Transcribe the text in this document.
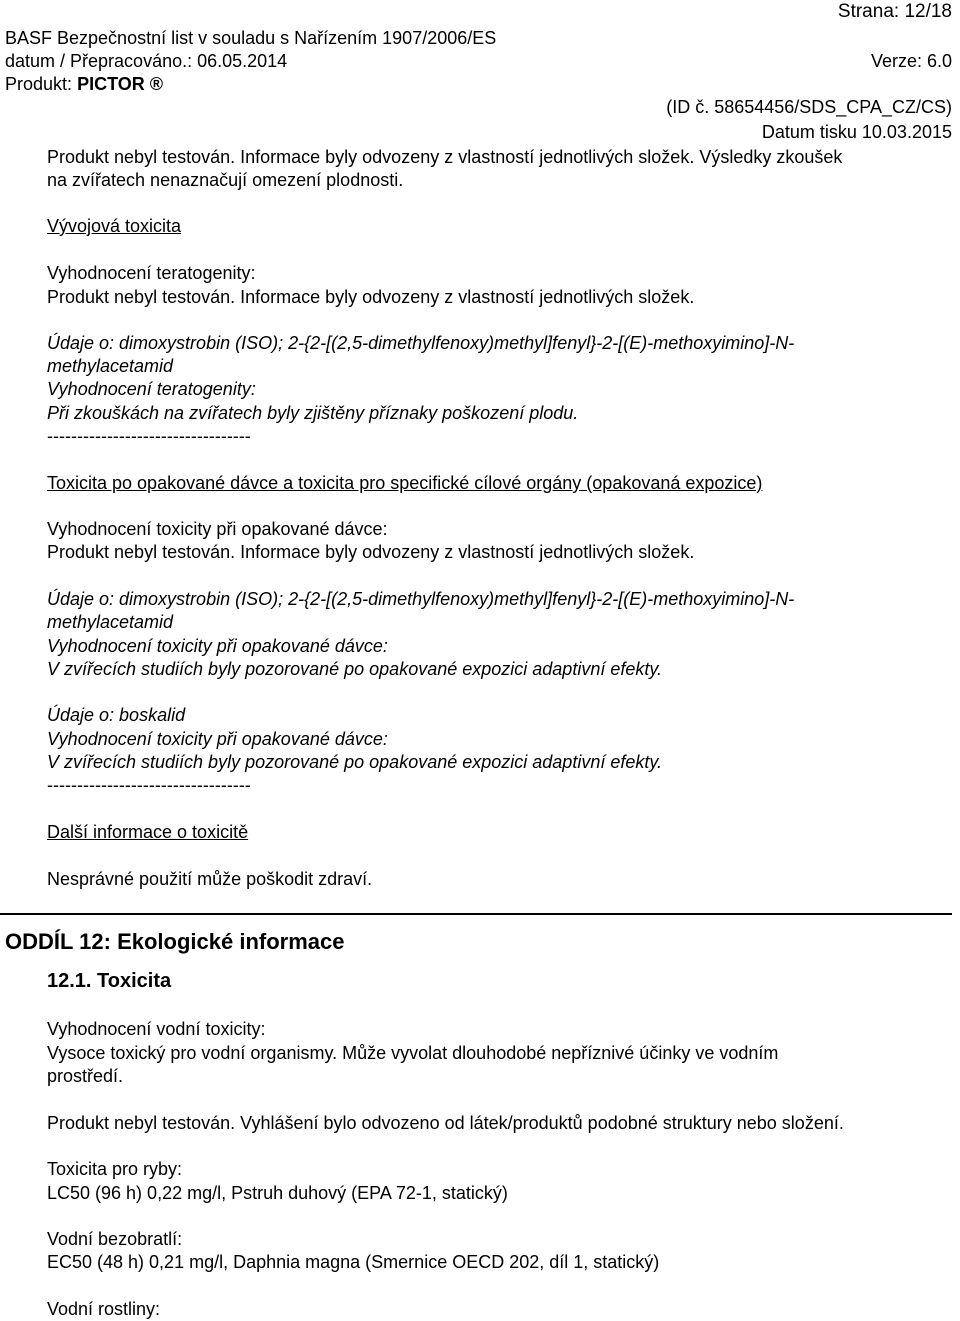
Strana: 12/18
BASF Bezpečnostní list v souladu s Nařízením 1907/2006/ES
datum / Přepracováno.: 06.05.2014	Verze: 6.0
Produkt: PICTOR ®
(ID č. 58654456/SDS_CPA_CZ/CS)
Datum tisku 10.03.2015
Produkt nebyl testován. Informace byly odvozeny z vlastností jednotlivých složek. Výsledky zkoušek
na zvířatech nenaznačují omezení plodnosti.
Vývojová toxicita
Vyhodnocení teratogenity:
Produkt nebyl testován. Informace byly odvozeny z vlastností jednotlivých složek.
Údaje o: dimoxystrobin (ISO); 2-{2-[(2,5-dimethylfenoxy)methyl]fenyl}-2-[(E)-methoxyimino]-N-
methylacetamid
Vyhodnocení teratogenity:
Při zkouškách na zvířatech byly zjištěny příznaky poškození plodu.
----------------------------------
Toxicita po opakované dávce a toxicita pro specifické cílové orgány (opakovaná expozice)
Vyhodnocení toxicity při opakované dávce:
Produkt nebyl testován. Informace byly odvozeny z vlastností jednotlivých složek.
Údaje o: dimoxystrobin (ISO); 2-{2-[(2,5-dimethylfenoxy)methyl]fenyl}-2-[(E)-methoxyimino]-N-
methylacetamid
Vyhodnocení toxicity při opakované dávce:
V zvířecích studiích byly pozorované po opakované expozici adaptivní efekty.
Údaje o: boskalid
Vyhodnocení toxicity při opakované dávce:
V zvířecích studiích byly pozorované po opakované expozici adaptivní efekty.
----------------------------------
Další informace o toxicitě
Nesprávné použití může poškodit zdraví.
ODDÍL 12: Ekologické informace
12.1. Toxicita
Vyhodnocení vodní toxicity:
Vysoce toxický pro vodní organismy. Může vyvolat dlouhodobé nepříznivé účinky ve vodním
prostředí.
Produkt nebyl testován. Vyhlášení bylo odvozeno od látek/produktů podobné struktury nebo složení.
Toxicita pro ryby:
LC50 (96 h) 0,22 mg/l, Pstruh duhový (EPA 72-1, statický)
Vodní bezobratlí:
EC50 (48 h) 0,21 mg/l, Daphnia magna (Smernice OECD 202, díl 1, statický)
Vodní rostliny:
